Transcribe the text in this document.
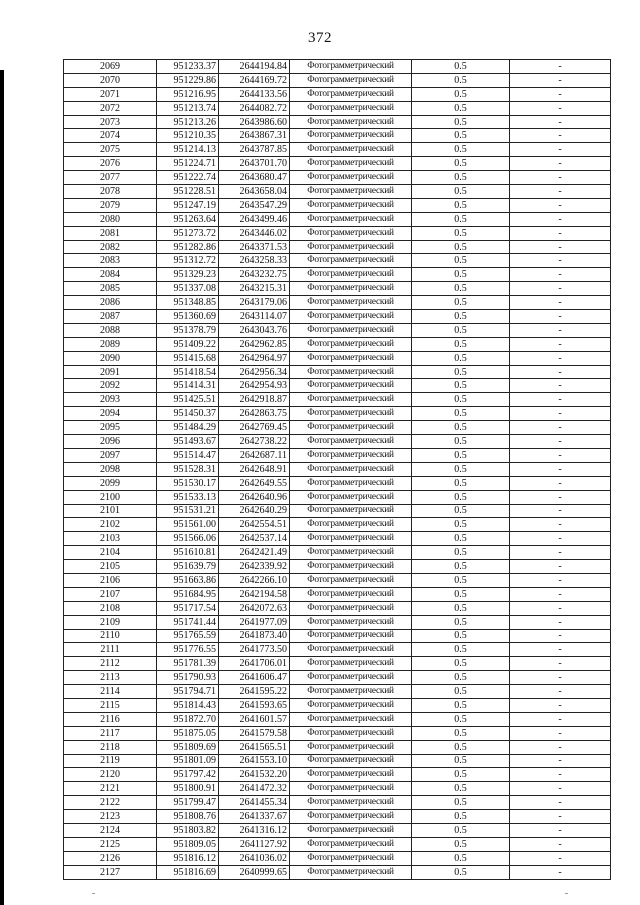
372
2069	951233.37	2644194.84	Фотограмметрический	0.5	-
2070	951229.86	2644169.72	Фотограмметрический	0.5	-
2071	951216.95	2644133.56	Фотограмметрический	0.5	-
2072	951213.74	2644082.72	Фотограмметрический	0.5	-
2073	951213.26	2643986.60	Фотограмметрический	0.5	-
2074	951210.35	2643867.31	Фотограмметрический	0.5	-
2075	951214.13	2643787.85	Фотограмметрический	0.5	-
2076	951224.71	2643701.70	Фотограмметрический	0.5	-
2077	951222.74	2643680.47	Фотограмметрический	0.5	-
2078	951228.51	2643658.04	Фотограмметрический	0.5	-
2079	951247.19	2643547.29	Фотограмметрический	0.5	-
2080	951263.64	2643499.46	Фотограмметрический	0.5	-
2081	951273.72	2643446.02	Фотограмметрический	0.5	-
2082	951282.86	2643371.53	Фотограмметрический	0.5	-
2083	951312.72	2643258.33	Фотограмметрический	0.5	-
2084	951329.23	2643232.75	Фотограмметрический	0.5	-
2085	951337.08	2643215.31	Фотограмметрический	0.5	-
2086	951348.85	2643179.06	Фотограмметрический	0.5	-
2087	951360.69	2643114.07	Фотограмметрический	0.5	-
2088	951378.79	2643043.76	Фотограмметрический	0.5	-
2089	951409.22	2642962.85	Фотограмметрический	0.5	-
2090	951415.68	2642964.97	Фотограмметрический	0.5	-
2091	951418.54	2642956.34	Фотограмметрический	0.5	-
2092	951414.31	2642954.93	Фотограмметрический	0.5	-
2093	951425.51	2642918.87	Фотограмметрический	0.5	-
2094	951450.37	2642863.75	Фотограмметрический	0.5	-
2095	951484.29	2642769.45	Фотограмметрический	0.5	-
2096	951493.67	2642738.22	Фотограмметрический	0.5	-
2097	951514.47	2642687.11	Фотограмметрический	0.5	-
2098	951528.31	2642648.91	Фотограмметрический	0.5	-
2099	951530.17	2642649.55	Фотограмметрический	0.5	-
2100	951533.13	2642640.96	Фотограмметрический	0.5	-
2101	951531.21	2642640.29	Фотограмметрический	0.5	-
2102	951561.00	2642554.51	Фотограмметрический	0.5	-
2103	951566.06	2642537.14	Фотограмметрический	0.5	-
2104	951610.81	2642421.49	Фотограмметрический	0.5	-
2105	951639.79	2642339.92	Фотограмметрический	0.5	-
2106	951663.86	2642266.10	Фотограмметрический	0.5	-
2107	951684.95	2642194.58	Фотограмметрический	0.5	-
2108	951717.54	2642072.63	Фотограмметрический	0.5	-
2109	951741.44	2641977.09	Фотограмметрический	0.5	-
2110	951765.59	2641873.40	Фотограмметрический	0.5	-
2111	951776.55	2641773.50	Фотограмметрический	0.5	-
2112	951781.39	2641706.01	Фотограмметрический	0.5	-
2113	951790.93	2641606.47	Фотограмметрический	0.5	-
2114	951794.71	2641595.22	Фотограмметрический	0.5	-
2115	951814.43	2641593.65	Фотограмметрический	0.5	-
2116	951872.70	2641601.57	Фотограмметрический	0.5	-
2117	951875.05	2641579.58	Фотограмметрический	0.5	-
2118	951809.69	2641565.51	Фотограмметрический	0.5	-
2119	951801.09	2641553.10	Фотограмметрический	0.5	-
2120	951797.42	2641532.20	Фотограмметрический	0.5	-
2121	951800.91	2641472.32	Фотограмметрический	0.5	-
2122	951799.47	2641455.34	Фотограмметрический	0.5	-
2123	951808.76	2641337.67	Фотограмметрический	0.5	-
2124	951803.82	2641316.12	Фотограмметрический	0.5	-
2125	951809.05	2641127.92	Фотограмметрический	0.5	-
2126	951816.12	2641036.02	Фотограмметрический	0.5	-
2127	951816.69	2640999.65	Фотограмметрический	0.5	-
